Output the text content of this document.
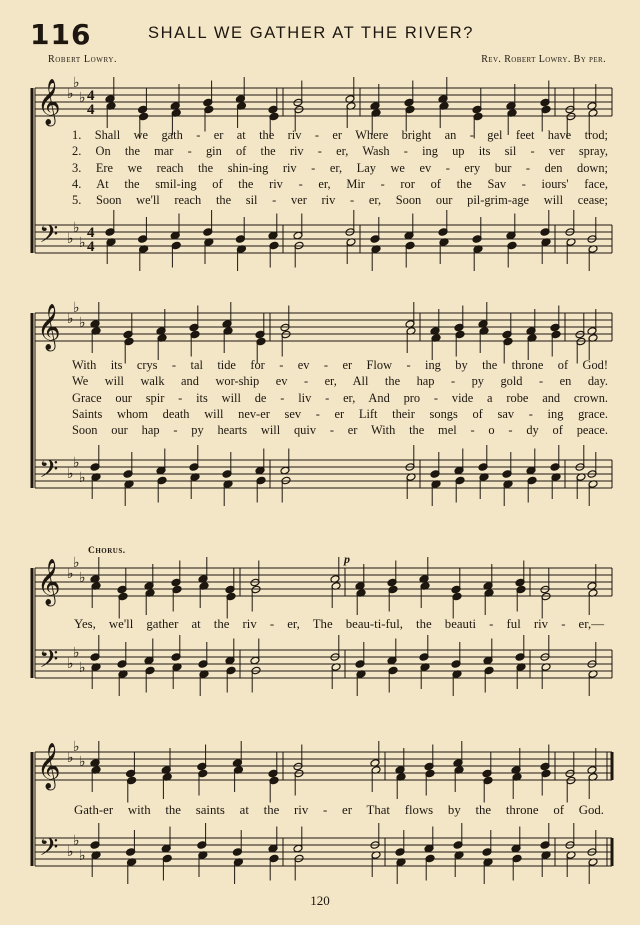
116	SHALL WE GATHER AT THE RIVER?
Robert Lowry.	Rev. Robert Lowry. By per.
𝄞
𝄢
♭
♭
♭
♭
♭
♭
4
4
4
4
𝄞
𝄢
♭
♭
♭
♭
♭
♭
𝄞
𝄢
♭
♭
♭
♭
♭
♭
𝄞
𝄢
♭
♭
♭
♭
♭
♭
1. Shall we gath - er at the riv - er Where bright an - gel feet have trod;
2. On the mar - gin of the riv - er, Wash - ing up its sil - ver spray,
3. Ere we reach the shin-ing riv - er, Lay we ev - ery bur - den down;
4. At the smil-ing of the riv - er, Mir - ror of the Sav - iours' face,
5. Soon we'll reach the sil - ver riv - er, Soon our pil-grim-age will cease;
With its crys - tal tide for - ev - er Flow - ing by the throne of God!
We will walk and wor-ship ev - er, All the hap - py gold - en day.
Grace our spir - its will de - liv - er, And pro - vide a robe and crown.
Saints whom death will nev-er sev - er Lift their songs of sav - ing grace.
Soon our hap - py hearts will quiv - er With the mel - o - dy of peace.
Chorus.
p
Yes, we'll gather at the riv - er, The beau-ti-ful, the beauti - ful riv - er,—
Gath-er with the saints at the riv - er That flows by the throne of God.
120
